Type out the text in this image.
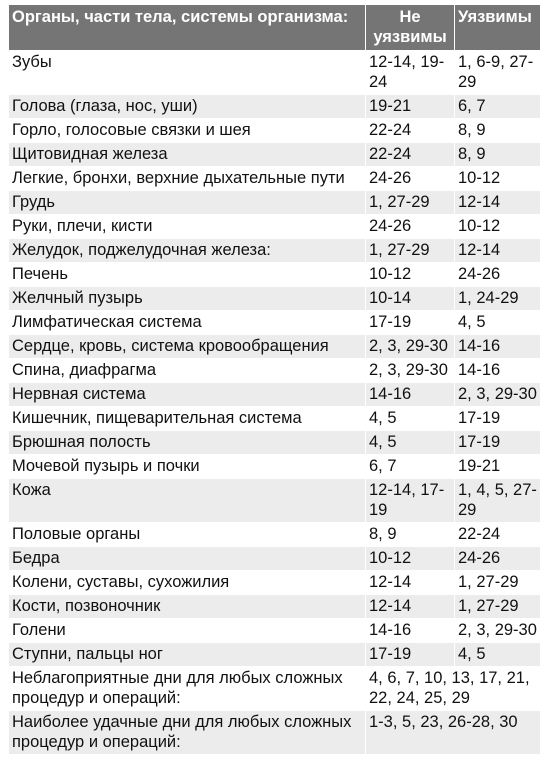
Органы, части тела, системы организма:	Не уязвимы	Уязвимы
Зубы	12-14, 19-24	1, 6-9, 27-29
Голова (глаза, нос, уши)	19-21	6, 7
Горло, голосовые связки и шея	22-24	8, 9
Щитовидная железа	22-24	8, 9
Легкие, бронхи, верхние дыхательные пути	24-26	10-12
Грудь	1, 27-29	12-14
Руки, плечи, кисти	24-26	10-12
Желудок, поджелудочная железа:	1, 27-29	12-14
Печень	10-12	24-26
Желчный пузырь	10-14	1, 24-29
Лимфатическая система	17-19	4, 5
Сердце, кровь, система кровообращения	2, 3, 29-30	14-16
Спина, диафрагма	2, 3, 29-30	14-16
Нервная система	14-16	2, 3, 29-30
Кишечник, пищеварительная система	4, 5	17-19
Брюшная полость	4, 5	17-19
Мочевой пузырь и почки	6, 7	19-21
Кожа	12-14, 17-19	1, 4, 5, 27-29
Половые органы	8, 9	22-24
Бедра	10-12	24-26
Колени, суставы, сухожилия	12-14	1, 27-29
Кости, позвоночник	12-14	1, 27-29
Голени	14-16	2, 3, 29-30
Ступни, пальцы ног	17-19	4, 5
Неблагоприятные дни для любых сложных процедур и операций:	4, 6, 7, 10, 13, 17, 21, 22, 24, 25, 29	
Наиболее удачные дни для любых сложных процедур и операций:	1-3, 5, 23, 26-28, 30	
